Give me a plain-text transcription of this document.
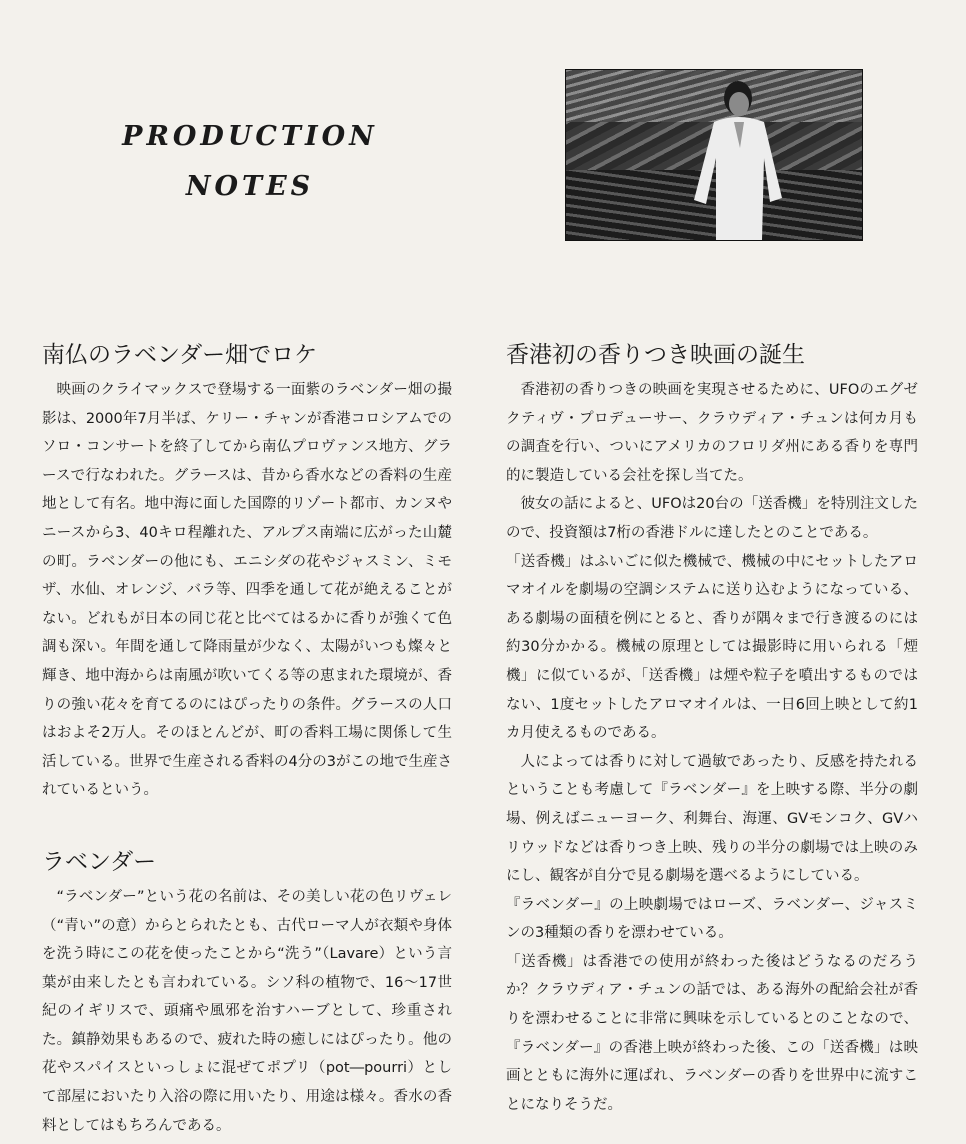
PRODUCTION
NOTES
南仏のラベンダー畑でロケ

映画のクライマックスで登場する一面紫のラベンダー畑の撮影は、2000年7月半ば、ケリー・チャンが香港コロシアムでのソロ・コンサートを終了してから南仏プロヴァンス地方、グラースで行なわれた。グラースは、昔から香水などの香料の生産地として有名。地中海に面した国際的リゾート都市、カンヌやニースから3、40キロ程離れた、アルプス南端に広がった山麓の町。ラベンダーの他にも、エニシダの花やジャスミン、ミモザ、水仙、オレンジ、バラ等、四季を通して花が絶えることがない。どれもが日本の同じ花と比べてはるかに香りが強くて色調も深い。年間を通して降雨量が少なく、太陽がいつも燦々と輝き、地中海からは南風が吹いてくる等の恵まれた環境が、香りの強い花々を育てるのにはぴったりの条件。グラースの人口はおよそ2万人。そのほとんどが、町の香料工場に関係して生活している。世界で生産される香料の4分の3がこの地で生産されているという。

ラベンダー

“ラベンダー”という花の名前は、その美しい花の色リヴェレ（“青い”の意）からとられたとも、古代ローマ人が衣類や身体を洗う時にこの花を使ったことから“洗う”（Lavare）という言葉が由来したとも言われている。シソ科の植物で、16〜17世紀のイギリスで、頭痛や風邪を治すハーブとして、珍重された。鎮静効果もあるので、疲れた時の癒しにはぴったり。他の花やスパイスといっしょに混ぜてポプリ（pot―pourri）として部屋においたり入浴の際に用いたり、用途は様々。香水の香料としてはもちろんである。

香港初の香りつき映画の誕生

香港初の香りつきの映画を実現させるために、UFOのエグゼクティヴ・プロデューサー、クラウディア・チュンは何カ月もの調査を行い、ついにアメリカのフロリダ州にある香りを専門的に製造している会社を探し当てた。

彼女の話によると、UFOは20台の「送香機」を特別注文したので、投資額は7桁の香港ドルに達したとのことである。

「送香機」はふいごに似た機械で、機械の中にセットしたアロマオイルを劇場の空調システムに送り込むようになっている、ある劇場の面積を例にとると、香りが隅々まで行き渡るのには約30分かかる。機械の原理としては撮影時に用いられる「煙機」に似ているが、「送香機」は煙や粒子を噴出するものではない、1度セットしたアロマオイルは、一日6回上映として約1カ月使えるものである。

人によっては香りに対して過敏であったり、反感を持たれるということも考慮して『ラベンダー』を上映する際、半分の劇場、例えばニューヨーク、利舞台、海運、GVモンコク、GVハリウッドなどは香りつき上映、残りの半分の劇場では上映のみにし、観客が自分で見る劇場を選べるようにしている。

『ラベンダー』の上映劇場ではローズ、ラベンダー、ジャスミンの3種類の香りを漂わせている。

「送香機」は香港での使用が終わった後はどうなるのだろうか？クラウディア・チュンの話では、ある海外の配給会社が香りを漂わせることに非常に興味を示しているとのことなので、『ラベンダー』の香港上映が終わった後、この「送香機」は映画とともに海外に運ばれ、ラベンダーの香りを世界中に流すことになりそうだ。
